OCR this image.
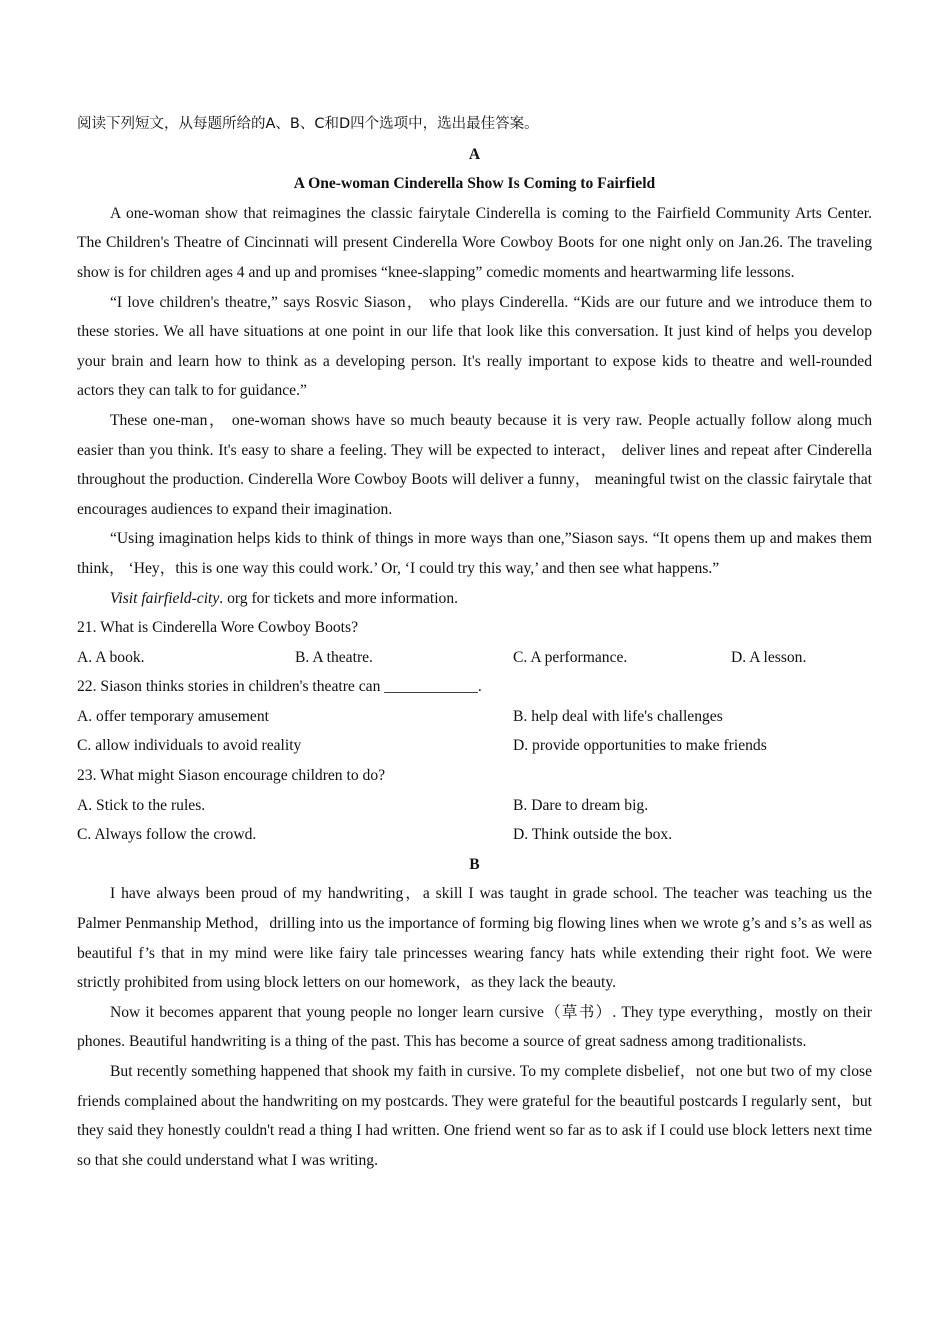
阅读下列短文，从每题所给的A、B、C和D四个选项中，选出最佳答案。

A

A One-woman Cinderella Show Is Coming to Fairfield

A one-woman show that reimagines the classic fairytale Cinderella is coming to the Fairfield Community Arts Center. The Children's Theatre of Cincinnati will present Cinderella Wore Cowboy Boots for one night only on Jan.26. The traveling show is for children ages 4 and up and promises “knee-slapping” comedic moments and heartwarming life lessons.

“I love children's theatre,” says Rosvic Siason， who plays Cinderella. “Kids are our future and we introduce them to these stories. We all have situations at one point in our life that look like this conversation. It just kind of helps you develop your brain and learn how to think as a developing person. It's really important to expose kids to theatre and well-rounded actors they can talk to for guidance.”

These one-man， one-woman shows have so much beauty because it is very raw. People actually follow along much easier than you think. It's easy to share a feeling. They will be expected to interact， deliver lines and repeat after Cinderella throughout the production. Cinderella Wore Cowboy Boots will deliver a funny， meaningful twist on the classic fairytale that encourages audiences to expand their imagination.

“Using imagination helps kids to think of things in more ways than one,”Siason says. “It opens them up and makes them think， ‘Hey，this is one way this could work.’ Or, ‘I could try this way,’ and then see what happens.”

Visit fairfield-city. org for tickets and more information.

21. What is Cinderella Wore Cowboy Boots?

A. A book.	B. A theatre.	C. A performance.	D. A lesson.

22. Siason thinks stories in children's theatre can ____________.

A. offer temporary amusement	B. help deal with life's challenges
C. allow individuals to avoid reality	D. provide opportunities to make friends

23. What might Siason encourage children to do?

A. Stick to the rules.	B. Dare to dream big.
C. Always follow the crowd.	D. Think outside the box.

B

I have always been proud of my handwriting，a skill I was taught in grade school. The teacher was teaching us the Palmer Penmanship Method，drilling into us the importance of forming big flowing lines when we wrote g’s and s’s as well as beautiful f’s that in my mind were like fairy tale princesses wearing fancy hats while extending their right foot. We were strictly prohibited from using block letters on our homework，as they lack the beauty.

Now it becomes apparent that young people no longer learn cursive（草书）. They type everything，mostly on their phones. Beautiful handwriting is a thing of the past. This has become a source of great sadness among traditionalists.

But recently something happened that shook my faith in cursive. To my complete disbelief，not one but two of my close friends complained about the handwriting on my postcards. They were grateful for the beautiful postcards I regularly sent，but they said they honestly couldn't read a thing I had written. One friend went so far as to ask if I could use block letters next time so that she could understand what I was writing.
